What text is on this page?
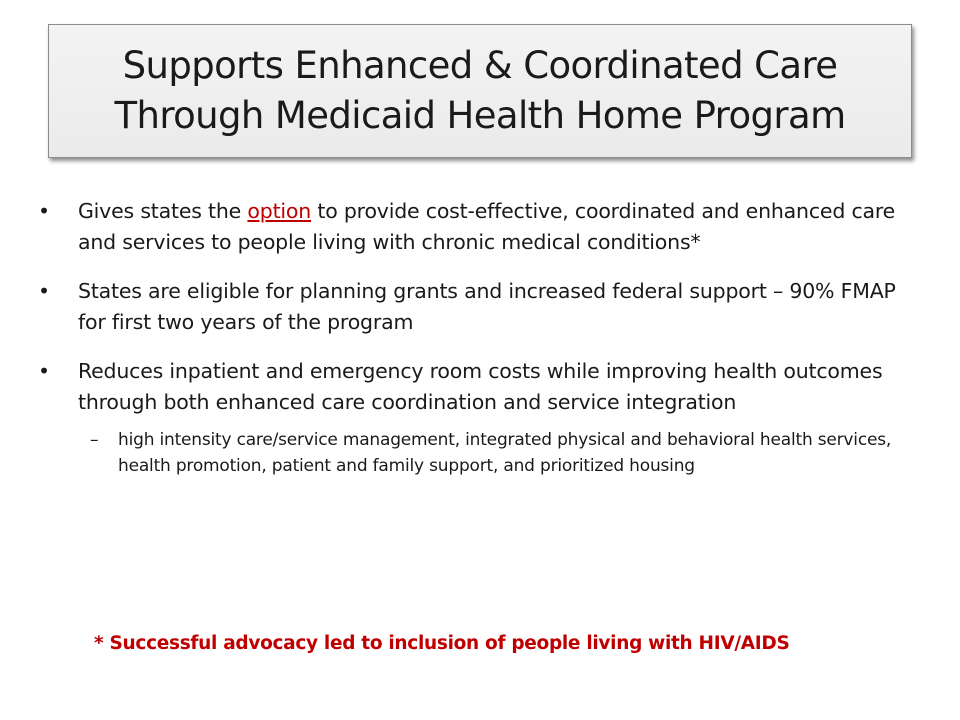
Supports Enhanced & Coordinated Care
Through Medicaid Health Home Program
• Gives states the option to provide cost-effective, coordinated and enhanced care and services to people living with chronic medical conditions*
• States are eligible for planning grants and increased federal support – 90% FMAP for first two years of the program
• Reduces inpatient and emergency room costs while improving health outcomes through both enhanced care coordination and service integration
– high intensity care/service management, integrated physical and behavioral health services, health promotion, patient and family support, and prioritized housing
* Successful advocacy led to inclusion of people living with HIV/AIDS
